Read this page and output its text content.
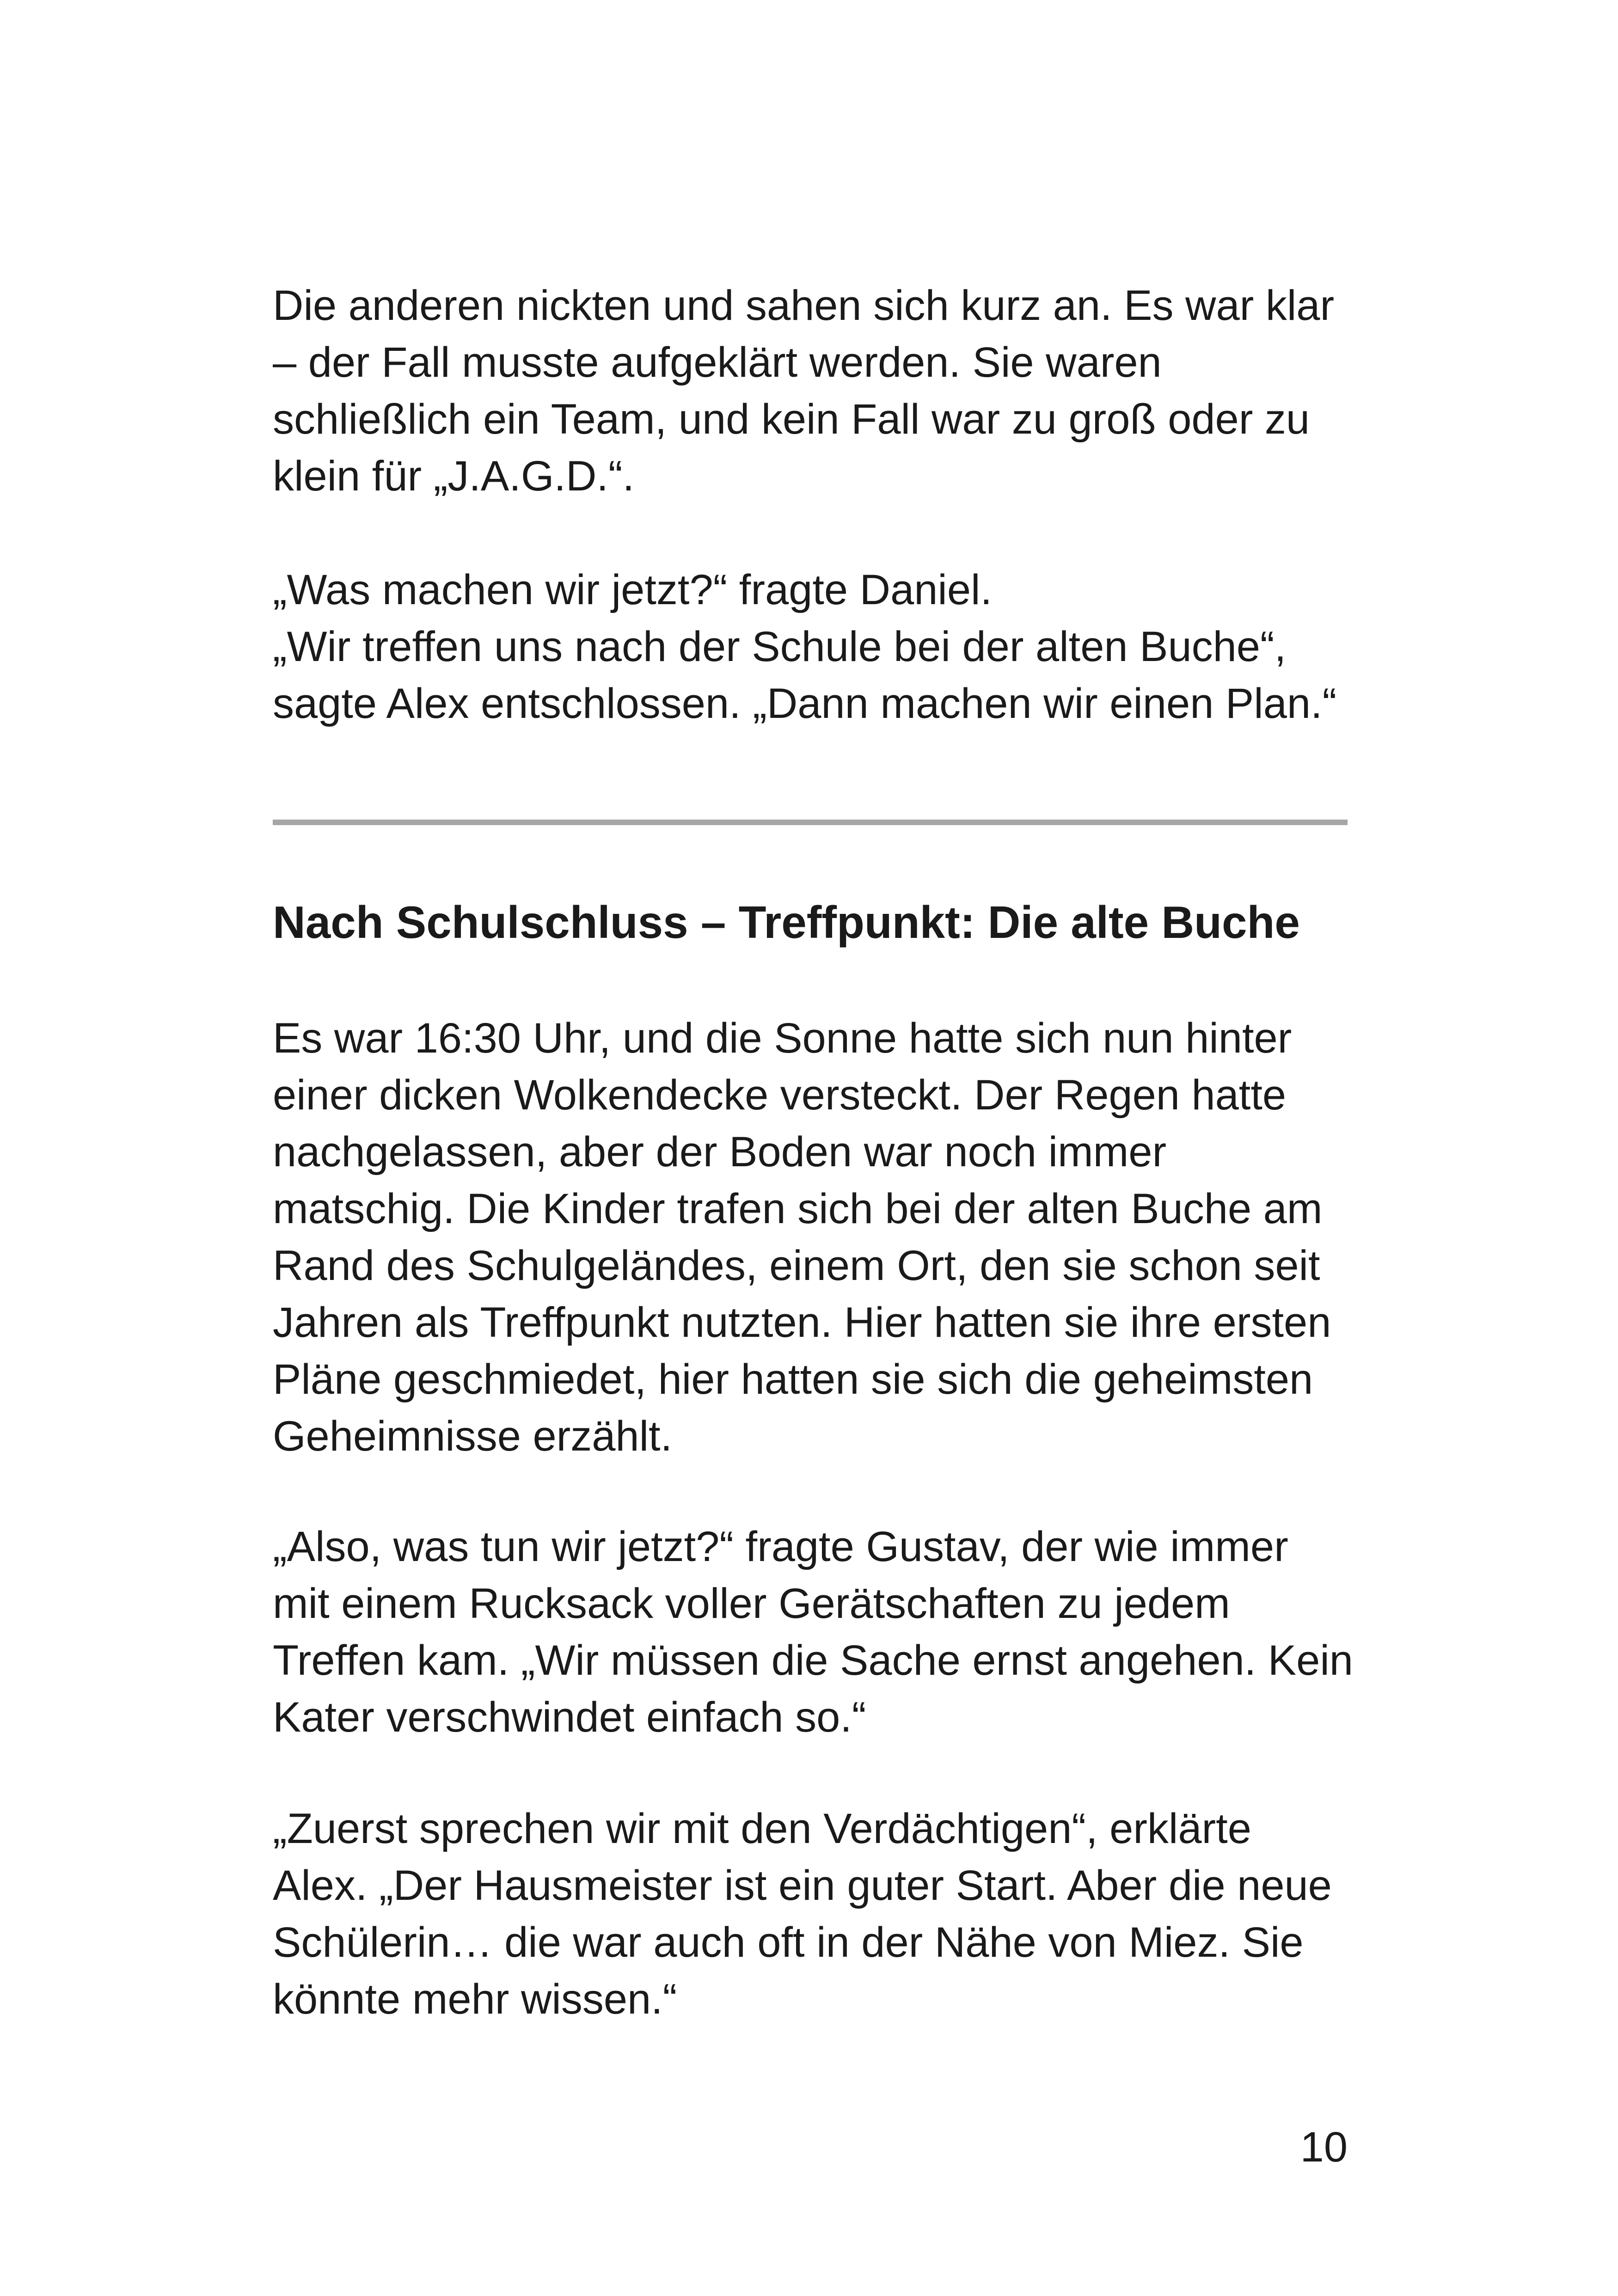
Die anderen nickten und sahen sich kurz an. Es war klar
– der Fall musste aufgeklärt werden. Sie waren
schließlich ein Team, und kein Fall war zu groß oder zu
klein für „J.A.G.D.“.

„Was machen wir jetzt?“ fragte Daniel.
„Wir treffen uns nach der Schule bei der alten Buche“,
sagte Alex entschlossen. „Dann machen wir einen Plan.“

Nach Schulschluss – Treffpunkt: Die alte Buche

Es war 16:30 Uhr, und die Sonne hatte sich nun hinter
einer dicken Wolkendecke versteckt. Der Regen hatte
nachgelassen, aber der Boden war noch immer
matschig. Die Kinder trafen sich bei der alten Buche am
Rand des Schulgeländes, einem Ort, den sie schon seit
Jahren als Treffpunkt nutzten. Hier hatten sie ihre ersten
Pläne geschmiedet, hier hatten sie sich die geheimsten
Geheimnisse erzählt.

„Also, was tun wir jetzt?“ fragte Gustav, der wie immer
mit einem Rucksack voller Gerätschaften zu jedem
Treffen kam. „Wir müssen die Sache ernst angehen. Kein
Kater verschwindet einfach so.“

„Zuerst sprechen wir mit den Verdächtigen“, erklärte
Alex. „Der Hausmeister ist ein guter Start. Aber die neue
Schülerin… die war auch oft in der Nähe von Miez. Sie
könnte mehr wissen.“

10
